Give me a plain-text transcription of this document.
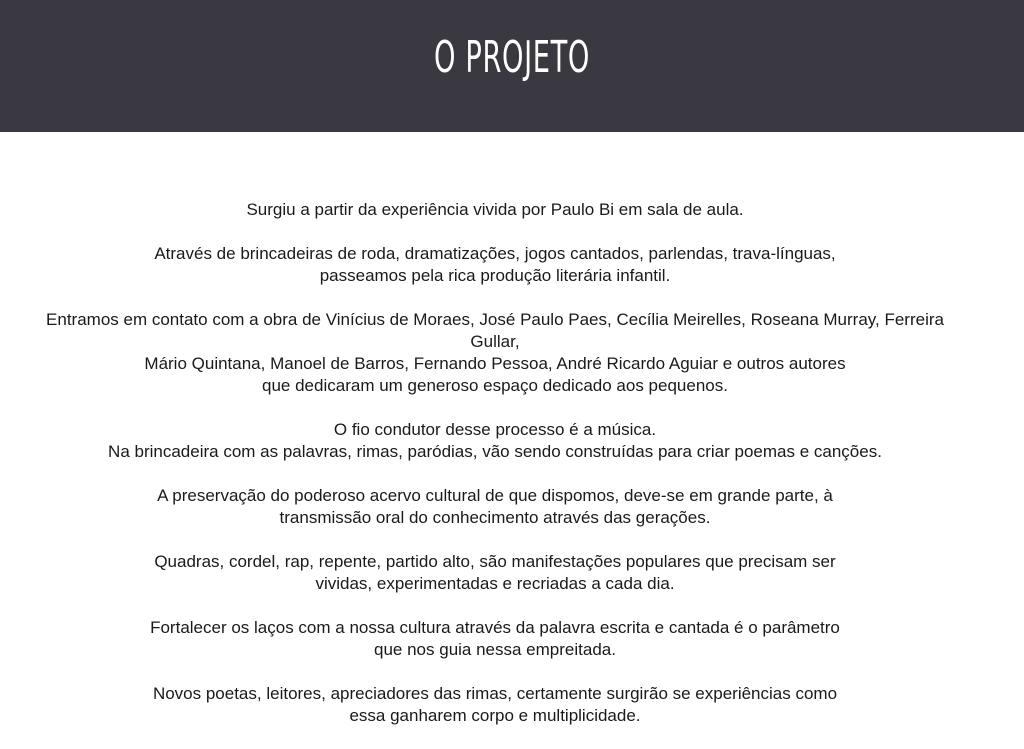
O PROJETO

Surgiu a partir da experiência vivida por Paulo Bi em sala de aula.

Através de brincadeiras de roda, dramatizações, jogos cantados, parlendas, trava-línguas,
passeamos pela rica produção literária infantil.

Entramos em contato com a obra de Vinícius de Moraes, José Paulo Paes, Cecília Meirelles, Roseana Murray, Ferreira
Gullar,
Mário Quintana, Manoel de Barros, Fernando Pessoa, André Ricardo Aguiar e outros autores
que dedicaram um generoso espaço dedicado aos pequenos.

O fio condutor desse processo é a música.
Na brincadeira com as palavras, rimas, paródias, vão sendo construídas para criar poemas e canções.

A preservação do poderoso acervo cultural de que dispomos, deve-se em grande parte, à
transmissão oral do conhecimento através das gerações.

Quadras, cordel, rap, repente, partido alto, são manifestações populares que precisam ser
vividas, experimentadas e recriadas a cada dia.

Fortalecer os laços com a nossa cultura através da palavra escrita e cantada é o parâmetro
que nos guia nessa empreitada.

Novos poetas, leitores, apreciadores das rimas, certamente surgirão se experiências como
essa ganharem corpo e multiplicidade.
